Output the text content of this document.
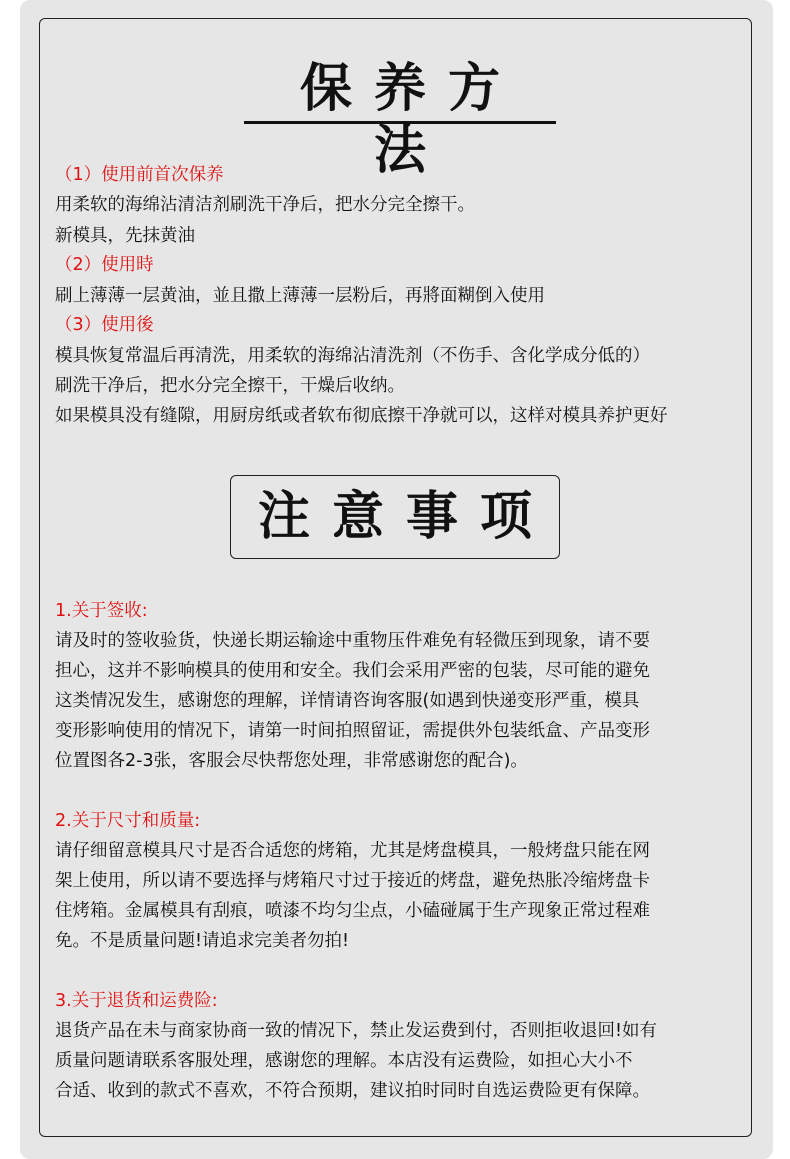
保养方法
（1）使用前首次保养
用柔软的海绵沾清洁剂刷洗干净后，把水分完全擦干。
新模具，先抹黄油
（2）使用時
刷上薄薄一层黄油，並且撒上薄薄一层粉后，再將面糊倒入使用
（3）使用後
模具恢复常温后再清洗，用柔软的海绵沾清洗剂（不伤手、含化学成分低的）
刷洗干净后，把水分完全擦干，干燥后收纳。
如果模具没有缝隙，用厨房纸或者软布彻底擦干净就可以，这样对模具养护更好
注意事项
1.关于签收:
请及时的签收验货，快递长期运输途中重物压件难免有轻微压到现象，请不要
担心，这并不影响模具的使用和安全。我们会采用严密的包装，尽可能的避免
这类情况发生，感谢您的理解，详情请咨询客服(如遇到快递变形严重，模具
变形影响使用的情况下，请第一时间拍照留证，需提供外包装纸盒、产品变形
位置图各2-3张，客服会尽快帮您处理，非常感谢您的配合)。
2.关于尺寸和质量:
请仔细留意模具尺寸是否合适您的烤箱，尤其是烤盘模具，一般烤盘只能在网
架上使用，所以请不要选择与烤箱尺寸过于接近的烤盘，避免热胀冷缩烤盘卡
住烤箱。金属模具有刮痕，喷漆不均匀尘点，小磕碰属于生产现象正常过程难
免。不是质量问题!请追求完美者勿拍!
3.关于退货和运费险:
退货产品在未与商家协商一致的情况下，禁止发运费到付，否则拒收退回!如有
质量问题请联系客服处理，感谢您的理解。本店没有运费险，如担心大小不
合适、收到的款式不喜欢，不符合预期，建议拍时同时自选运费险更有保障。
